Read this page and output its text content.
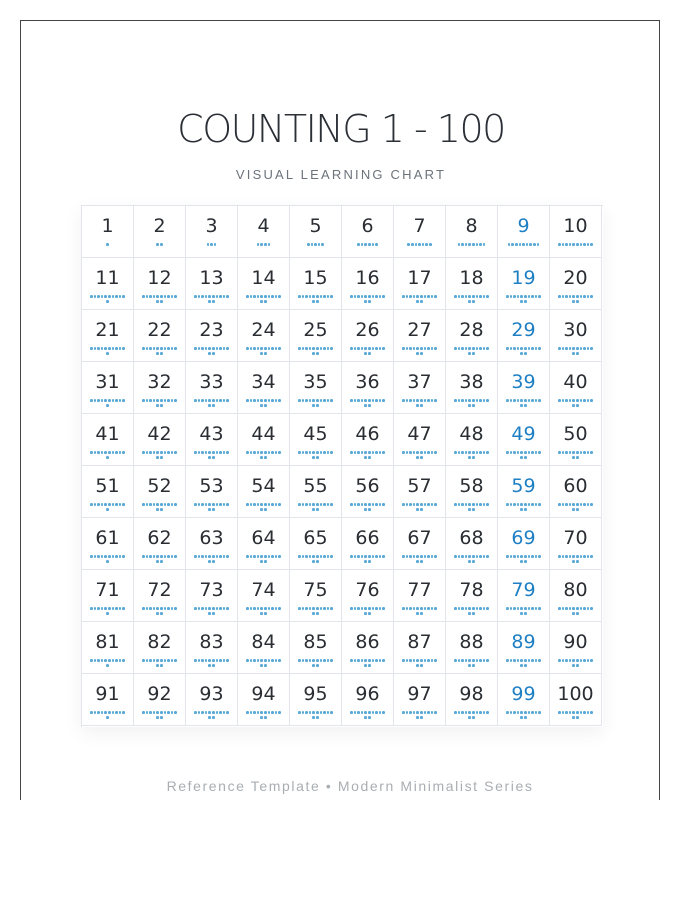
COUNTING 1 - 100
VISUAL LEARNING CHART
1	2	3	4	5	6	7	8	9	10
11	12	13	14	15	16	17	18	19	20
21	22	23	24	25	26	27	28	29	30
31	32	33	34	35	36	37	38	39	40
41	42	43	44	45	46	47	48	49	50
51	52	53	54	55	56	57	58	59	60
61	62	63	64	65	66	67	68	69	70
71	72	73	74	75	76	77	78	79	80
81	82	83	84	85	86	87	88	89	90
91	92	93	94	95	96	97	98	99	100
Reference Template • Modern Minimalist Series
